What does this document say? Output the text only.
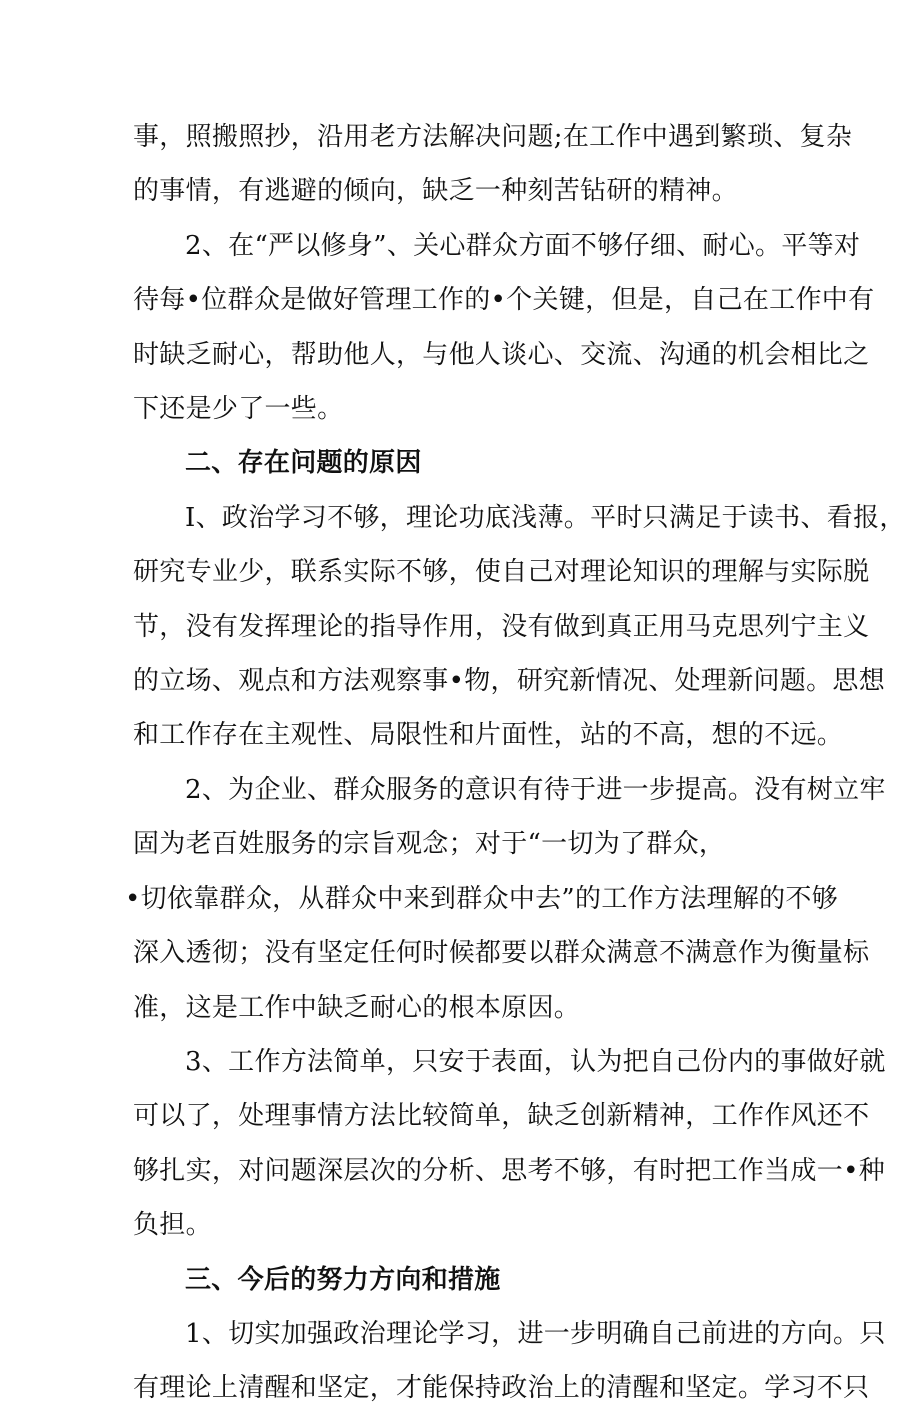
事，照搬照抄，沿用老方法解决问题;在工作中遇到繁琐、复杂
的事情，有逃避的倾向，缺乏一种刻苦钻研的精神。

2、在“严以修身”、关心群众方面不够仔细、耐心。平等对

待每•位群众是做好管理工作的•个关键，但是，自己在工作中有
时缺乏耐心，帮助他人，与他人谈心、交流、沟通的机会相比之
下还是少了一些。

二、存在问题的原因

I、政治学习不够，理论功底浅薄。平时只满足于读书、看报，

研究专业少，联系实际不够，使自己对理论知识的理解与实际脱
节，没有发挥理论的指导作用，没有做到真正用马克思列宁主义
的立场、观点和方法观察事•物，研究新情况、处理新问题。思想
和工作存在主观性、局限性和片面性，站的不高，想的不远。

2、为企业、群众服务的意识有待于进一步提高。没有树立牢

固为老百姓服务的宗旨观念；对于“一切为了群众，
•切依靠群众，从群众中来到群众中去”的工作方法理解的不够
深入透彻；没有坚定任何时候都要以群众满意不满意作为衡量标
准，这是工作中缺乏耐心的根本原因。

3、工作方法简单，只安于表面，认为把自己份内的事做好就

可以了，处理事情方法比较简单，缺乏创新精神，工作作风还不
够扎实，对问题深层次的分析、思考不够，有时把工作当成一•种
负担。

三、今后的努力方向和措施

1、切实加强政治理论学习，进一步明确自己前进的方向。只

有理论上清醒和坚定，才能保持政治上的清醒和坚定。学习不只
